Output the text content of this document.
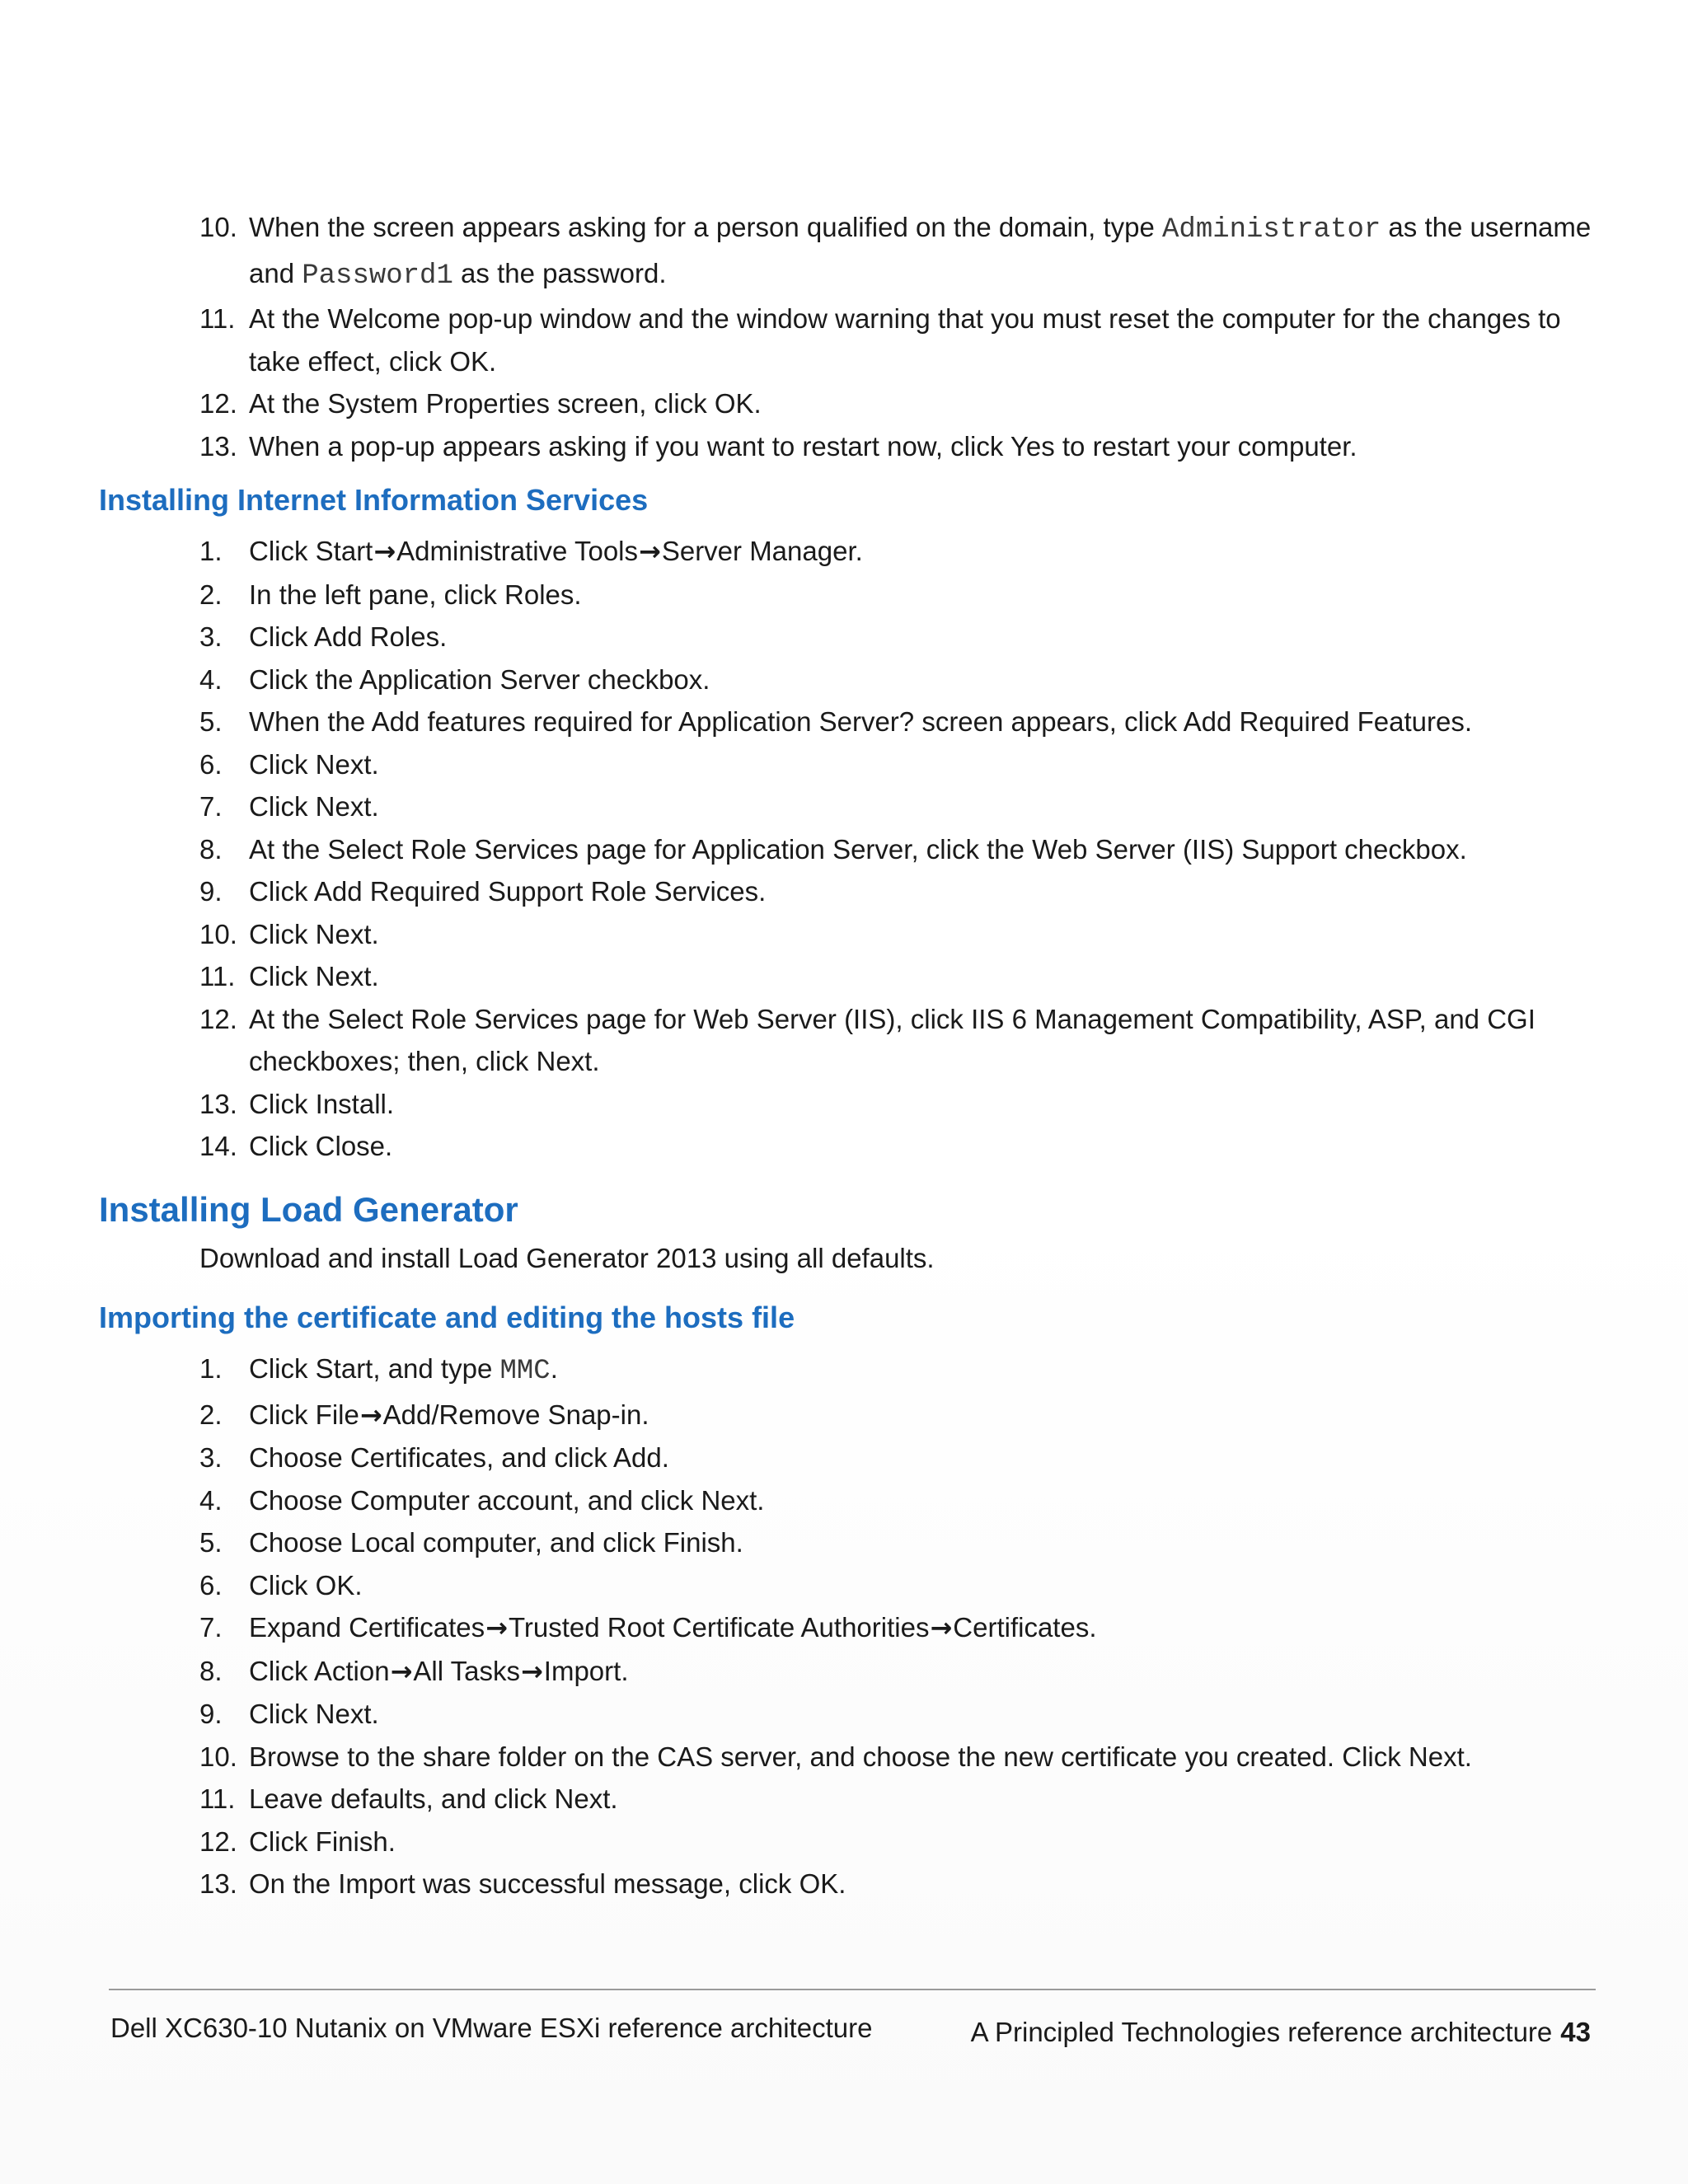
10. When the screen appears asking for a person qualified on the domain, type Administrator as the username and Password1 as the password.
11. At the Welcome pop-up window and the window warning that you must reset the computer for the changes to take effect, click OK.
12. At the System Properties screen, click OK.
13. When a pop-up appears asking if you want to restart now, click Yes to restart your computer.
Installing Internet Information Services
1. Click Start→Administrative Tools→Server Manager.
2. In the left pane, click Roles.
3. Click Add Roles.
4. Click the Application Server checkbox.
5. When the Add features required for Application Server? screen appears, click Add Required Features.
6. Click Next.
7. Click Next.
8. At the Select Role Services page for Application Server, click the Web Server (IIS) Support checkbox.
9. Click Add Required Support Role Services.
10. Click Next.
11. Click Next.
12. At the Select Role Services page for Web Server (IIS), click IIS 6 Management Compatibility, ASP, and CGI checkboxes; then, click Next.
13. Click Install.
14. Click Close.
Installing Load Generator

Download and install Load Generator 2013 using all defaults.

Importing the certificate and editing the hosts file
1. Click Start, and type MMC.
2. Click File→Add/Remove Snap-in.
3. Choose Certificates, and click Add.
4. Choose Computer account, and click Next.
5. Choose Local computer, and click Finish.
6. Click OK.
7. Expand Certificates→Trusted Root Certificate Authorities→Certificates.
8. Click Action→All Tasks→Import.
9. Click Next.
10. Browse to the share folder on the CAS server, and choose the new certificate you created. Click Next.
11. Leave defaults, and click Next.
12. Click Finish.
13. On the Import was successful message, click OK.
Dell XC630-10 Nutanix on VMware ESXi reference architecture	A Principled Technologies reference architecture 43
